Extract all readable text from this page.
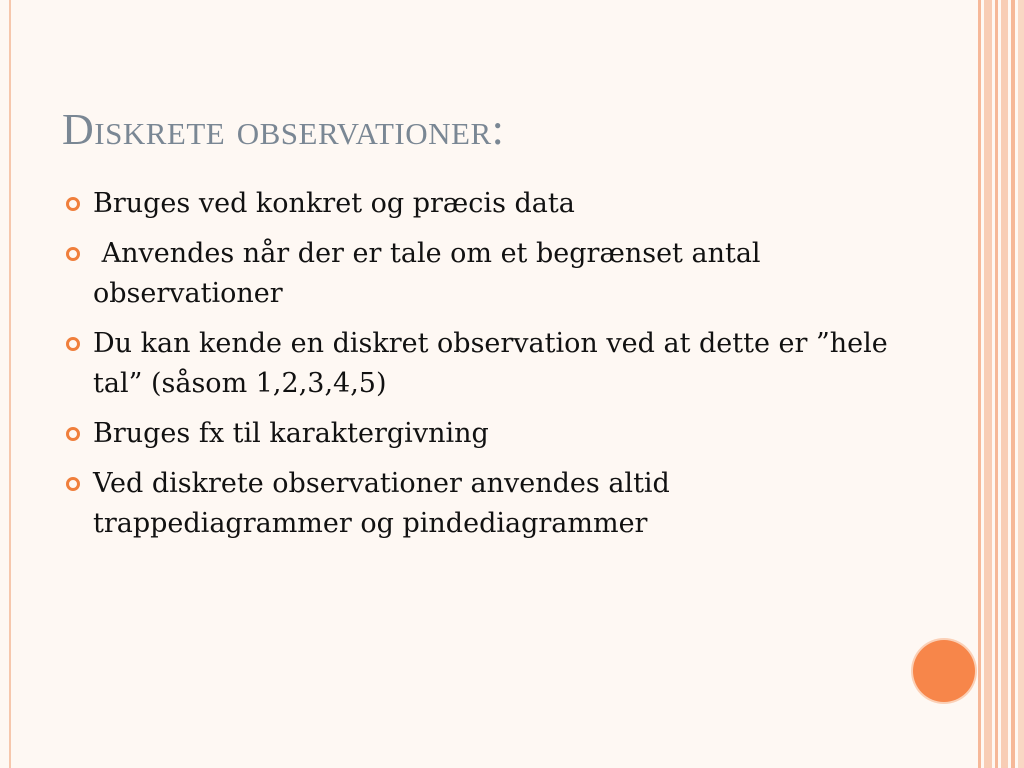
Diskrete observationer:
Bruges ved konkret og præcis data
Anvendes når der er tale om et begrænset antal observationer
Du kan kende en diskret observation ved at dette er ”hele tal” (såsom 1,2,3,4,5)
Bruges fx til karaktergivning
Ved diskrete observationer anvendes altid trappediagrammer og pindediagrammer
